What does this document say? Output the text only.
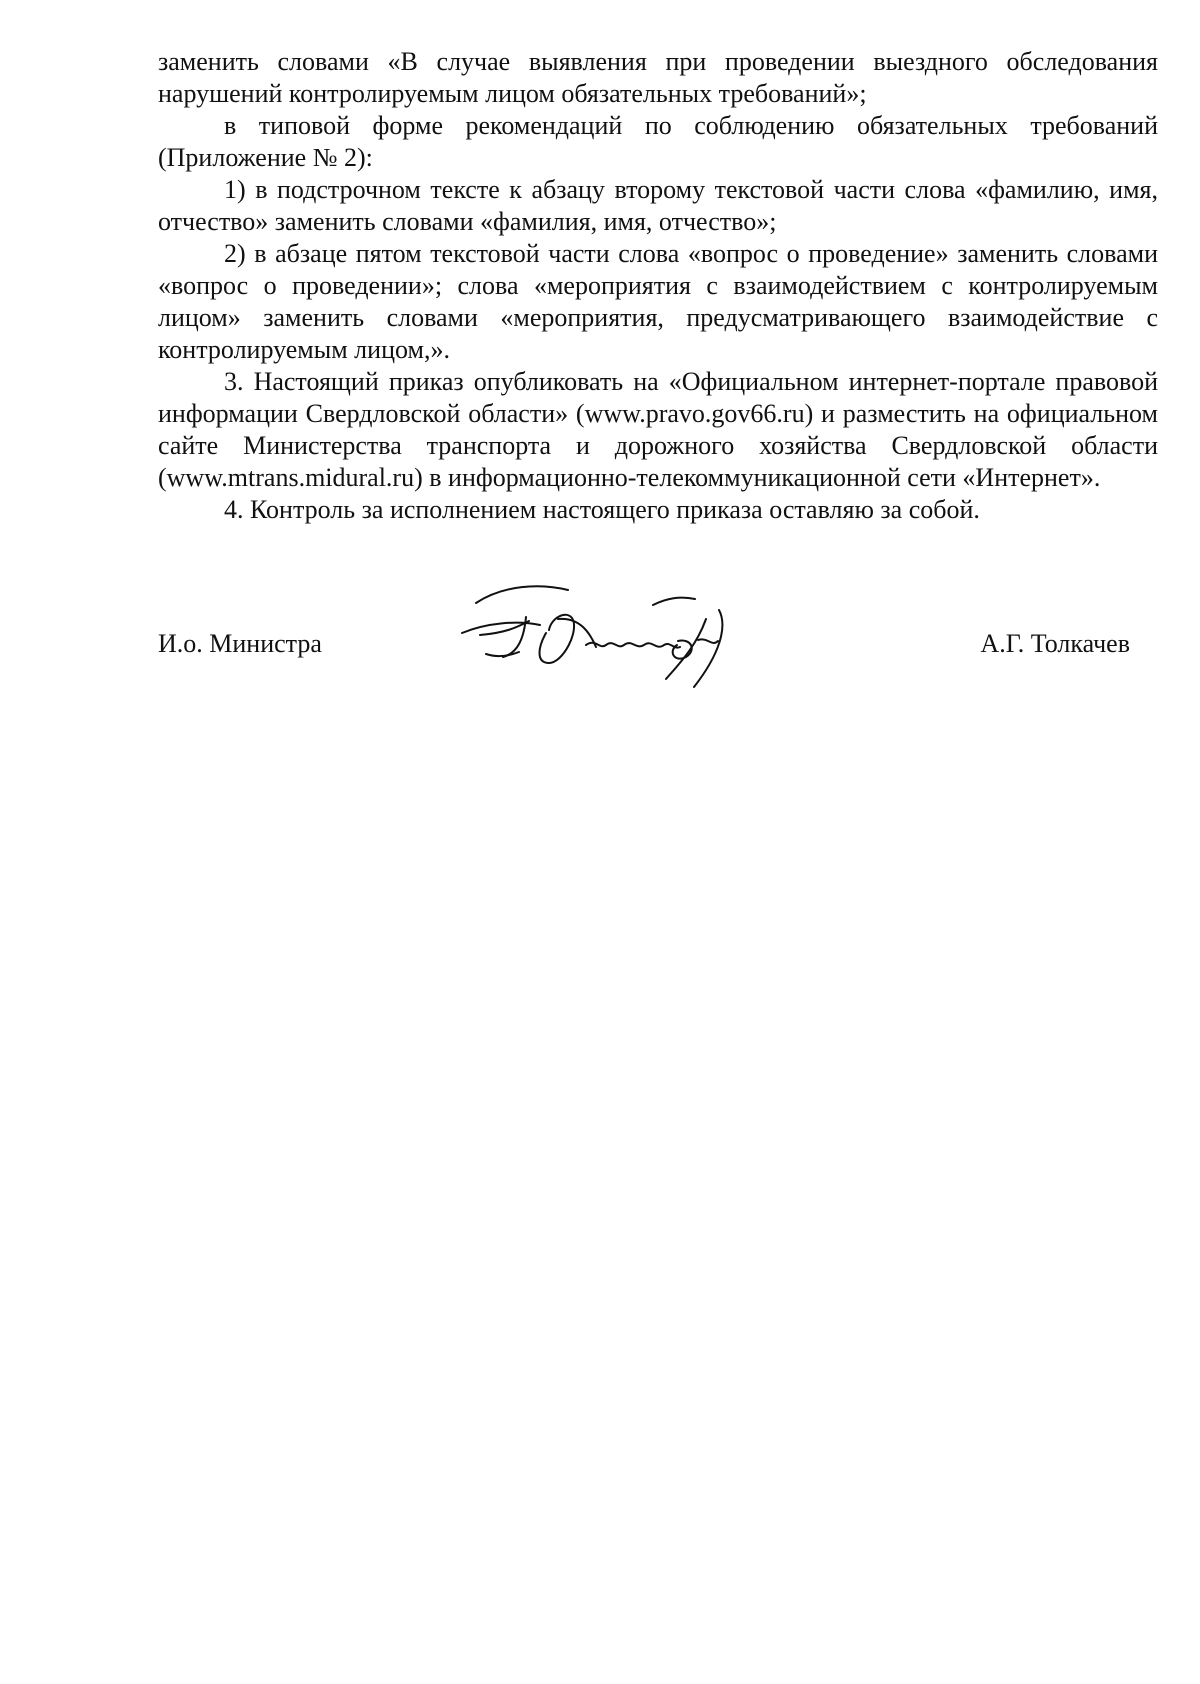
заменить словами «В случае выявления при проведении выездного обследования нарушений контролируемым лицом обязательных требований»;

в типовой форме рекомендаций по соблюдению обязательных требований (Приложение № 2):

1) в подстрочном тексте к абзацу второму текстовой части слова «фамилию, имя, отчество» заменить словами «фамилия, имя, отчество»;

2) в абзаце пятом текстовой части слова «вопрос о проведение» заменить словами «вопрос о проведении»; слова «мероприятия с взаимодействием с контролируемым лицом» заменить словами «мероприятия, предусматривающего взаимодействие с контролируемым лицом,».

3. Настоящий приказ опубликовать на «Официальном интернет-портале правовой информации Свердловской области» (www.pravo.gov66.ru) и разместить на официальном сайте Министерства транспорта и дорожного хозяйства Свердловской области (www.mtrans.midural.ru) в информационно-телекоммуникационной сети «Интернет».

4. Контроль за исполнением настоящего приказа оставляю за собой.

И.о. Министра	А.Г. Толкачев
